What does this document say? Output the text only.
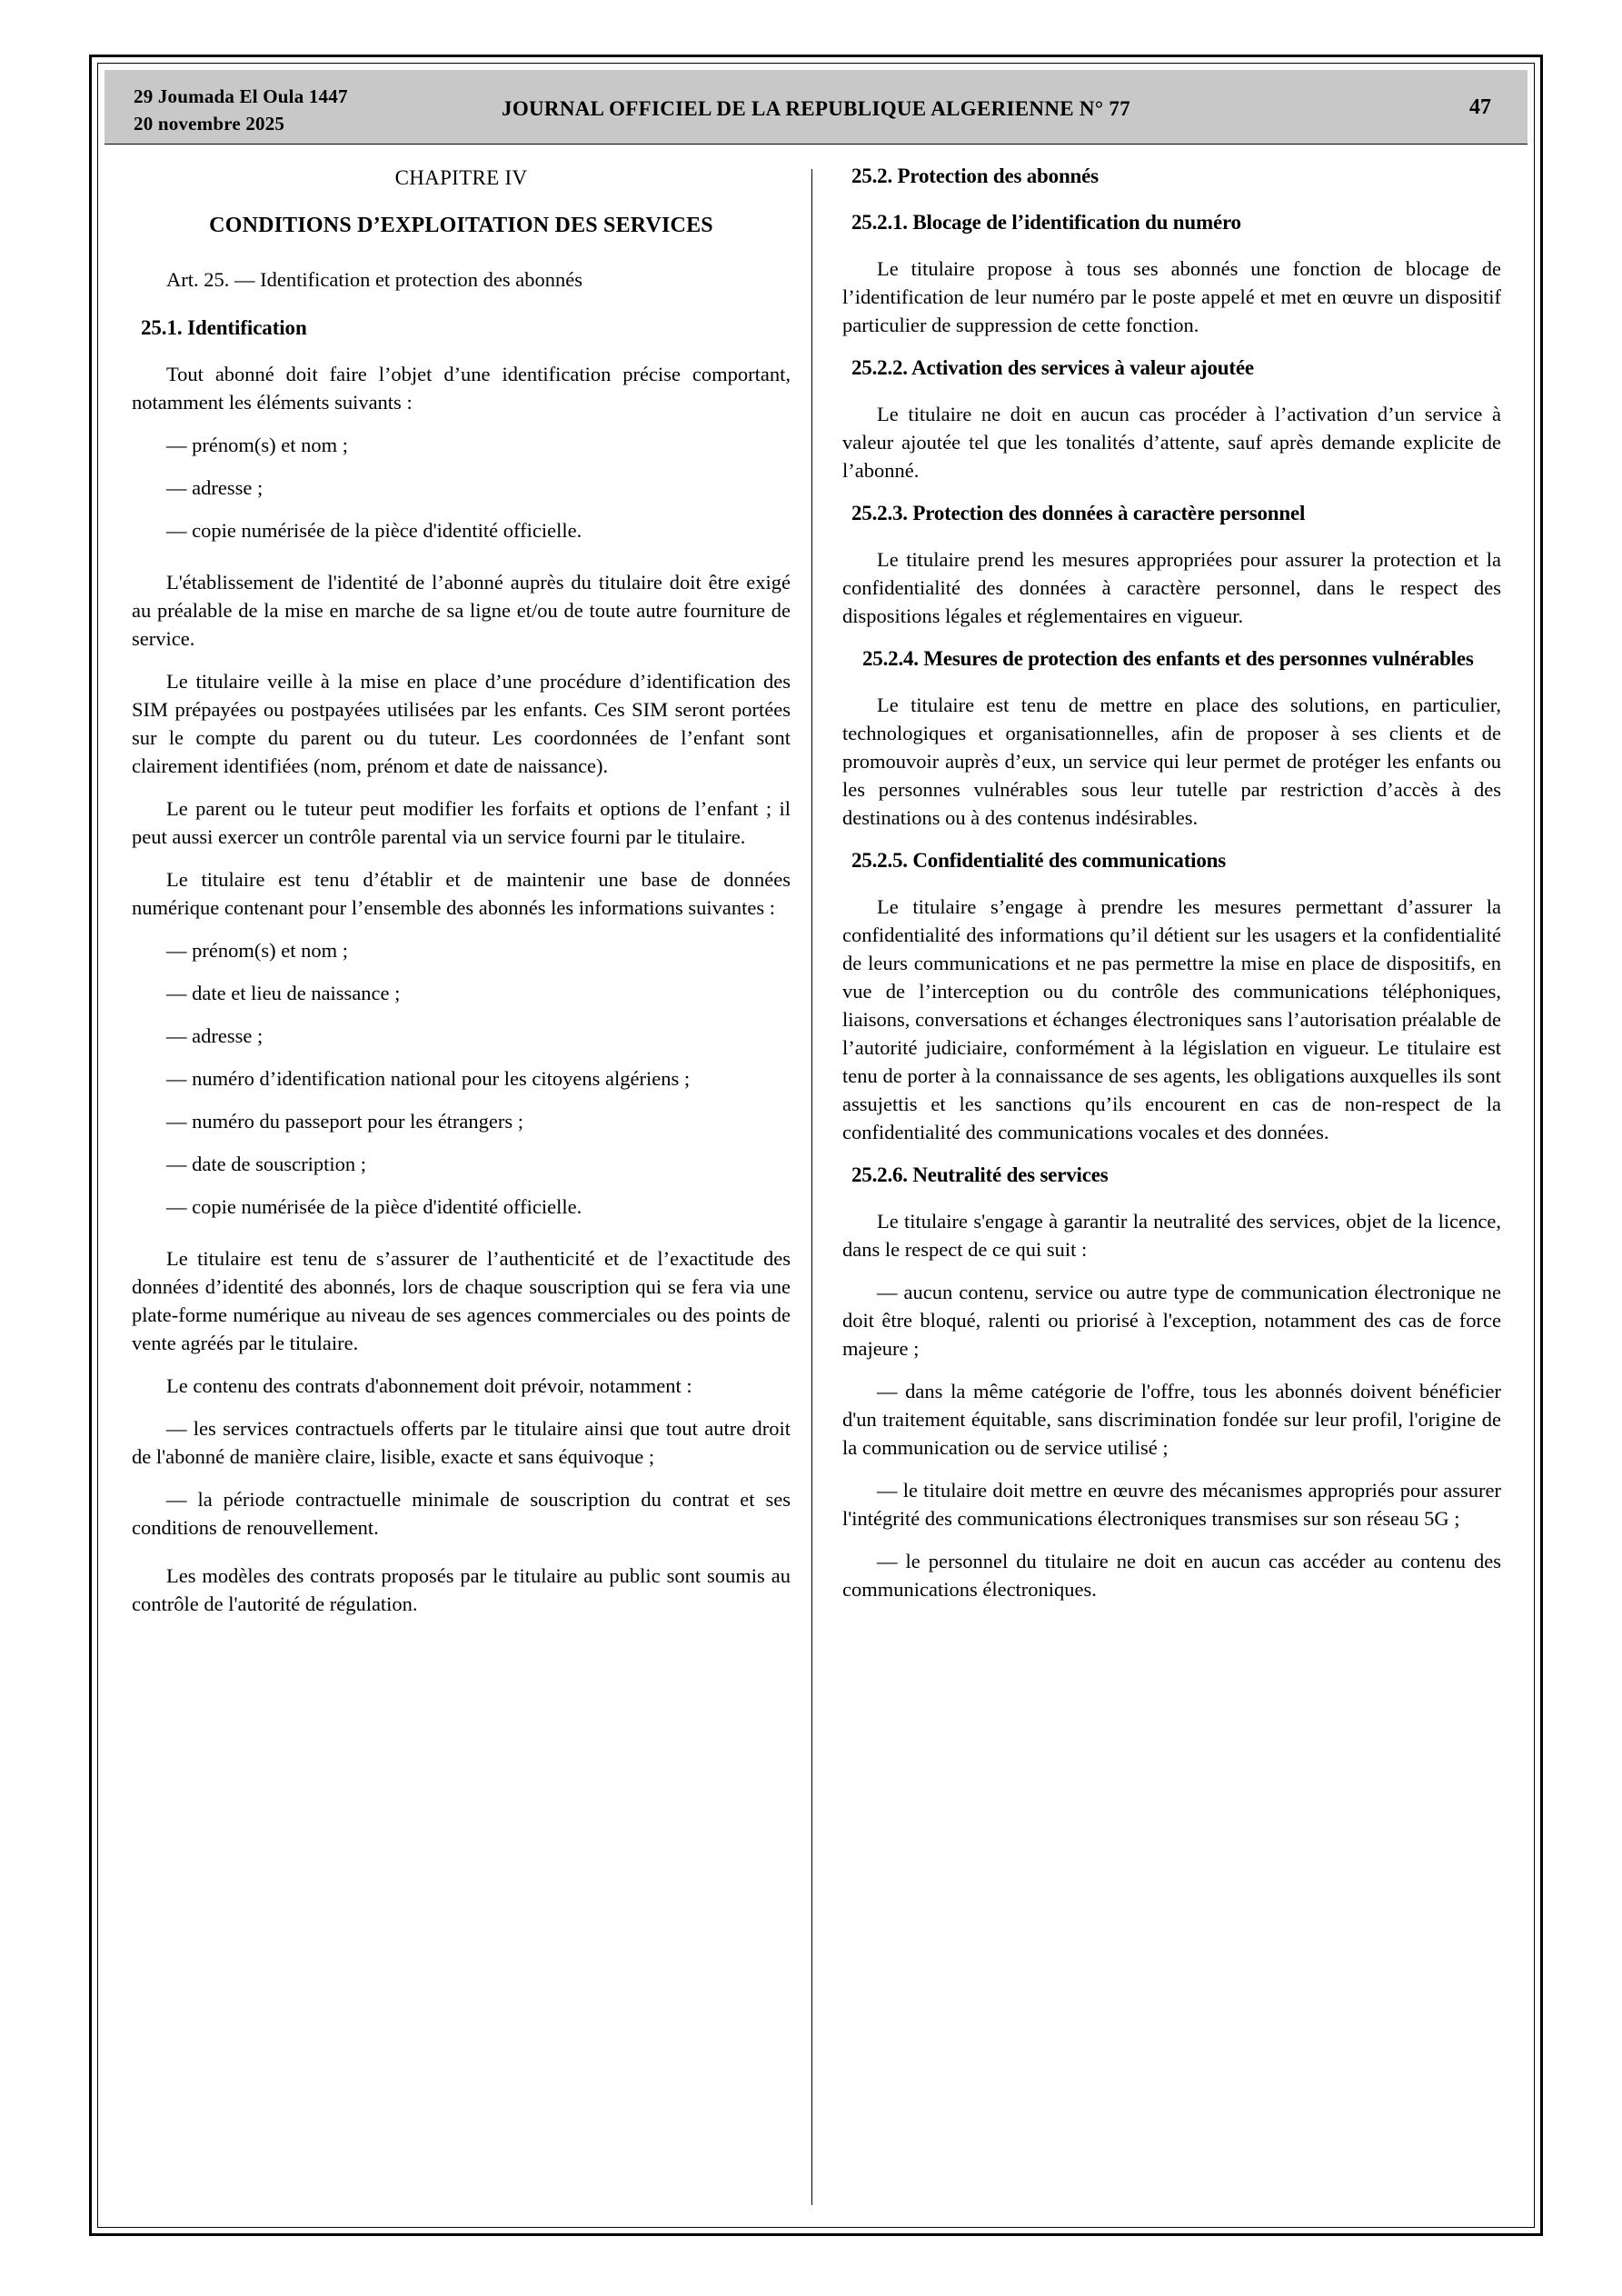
29 Joumada El Oula 1447
20 novembre 2025
JOURNAL OFFICIEL DE LA REPUBLIQUE ALGERIENNE N° 77	47

CHAPITRE IV

CONDITIONS D’EXPLOITATION DES SERVICES

Art. 25. — Identification et protection des abonnés

25.1. Identification

Tout abonné doit faire l’objet d’une identification précise comportant, notamment les éléments suivants :

— prénom(s) et nom ;

— adresse ;

— copie numérisée de la pièce d'identité officielle.

L'établissement de l'identité de l’abonné auprès du titulaire doit être exigé au préalable de la mise en marche de sa ligne et/ou de toute autre fourniture de service.

Le titulaire veille à la mise en place d’une procédure d’identification des SIM prépayées ou postpayées utilisées par les enfants. Ces SIM seront portées sur le compte du parent ou du tuteur. Les coordonnées de l’enfant sont clairement identifiées (nom, prénom et date de naissance).

Le parent ou le tuteur peut modifier les forfaits et options de l’enfant ; il peut aussi exercer un contrôle parental via un service fourni par le titulaire.

Le titulaire est tenu d’établir et de maintenir une base de données numérique contenant pour l’ensemble des abonnés les informations suivantes :

— prénom(s) et nom ;

— date et lieu de naissance ;

— adresse ;

— numéro d’identification national pour les citoyens algériens ;

— numéro du passeport pour les étrangers ;

— date de souscription ;

— copie numérisée de la pièce d'identité officielle.

Le titulaire est tenu de s’assurer de l’authenticité et de l’exactitude des données d’identité des abonnés, lors de chaque souscription qui se fera via une plate-forme numérique au niveau de ses agences commerciales ou des points de vente agréés par le titulaire.

Le contenu des contrats d'abonnement doit prévoir, notamment :

— les services contractuels offerts par le titulaire ainsi que tout autre droit de l'abonné de manière claire, lisible, exacte et sans équivoque ;

— la période contractuelle minimale de souscription du contrat et ses conditions de renouvellement.

Les modèles des contrats proposés par le titulaire au public sont soumis au contrôle de l'autorité de régulation.

25.2. Protection des abonnés

25.2.1. Blocage de l’identification du numéro

Le titulaire propose à tous ses abonnés une fonction de blocage de l’identification de leur numéro par le poste appelé et met en œuvre un dispositif particulier de suppression de cette fonction.

25.2.2. Activation des services à valeur ajoutée

Le titulaire ne doit en aucun cas procéder à l’activation d’un service à valeur ajoutée tel que les tonalités d’attente, sauf après demande explicite de l’abonné.

25.2.3. Protection des données à caractère personnel

Le titulaire prend les mesures appropriées pour assurer la protection et la confidentialité des données à caractère personnel, dans le respect des dispositions légales et réglementaires en vigueur.

25.2.4. Mesures de protection des enfants et des personnes vulnérables

Le titulaire est tenu de mettre en place des solutions, en particulier, technologiques et organisationnelles, afin de proposer à ses clients et de promouvoir auprès d’eux, un service qui leur permet de protéger les enfants ou les personnes vulnérables sous leur tutelle par restriction d’accès à des destinations ou à des contenus indésirables.

25.2.5. Confidentialité des communications

Le titulaire s’engage à prendre les mesures permettant d’assurer la confidentialité des informations qu’il détient sur les usagers et la confidentialité de leurs communications et ne pas permettre la mise en place de dispositifs, en vue de l’interception ou du contrôle des communications téléphoniques, liaisons, conversations et échanges électroniques sans l’autorisation préalable de l’autorité judiciaire, conformément à la législation en vigueur. Le titulaire est tenu de porter à la connaissance de ses agents, les obligations auxquelles ils sont assujettis et les sanctions qu’ils encourent en cas de non-respect de la confidentialité des communications vocales et des données.

25.2.6. Neutralité des services

Le titulaire s'engage à garantir la neutralité des services, objet de la licence, dans le respect de ce qui suit :

— aucun contenu, service ou autre type de communication électronique ne doit être bloqué, ralenti ou priorisé à l'exception, notamment des cas de force majeure ;

— dans la même catégorie de l'offre, tous les abonnés doivent bénéficier d'un traitement équitable, sans discrimination fondée sur leur profil, l'origine de la communication ou de service utilisé ;

— le titulaire doit mettre en œuvre des mécanismes appropriés pour assurer l'intégrité des communications électroniques transmises sur son réseau 5G ;

— le personnel du titulaire ne doit en aucun cas accéder au contenu des communications électroniques.
